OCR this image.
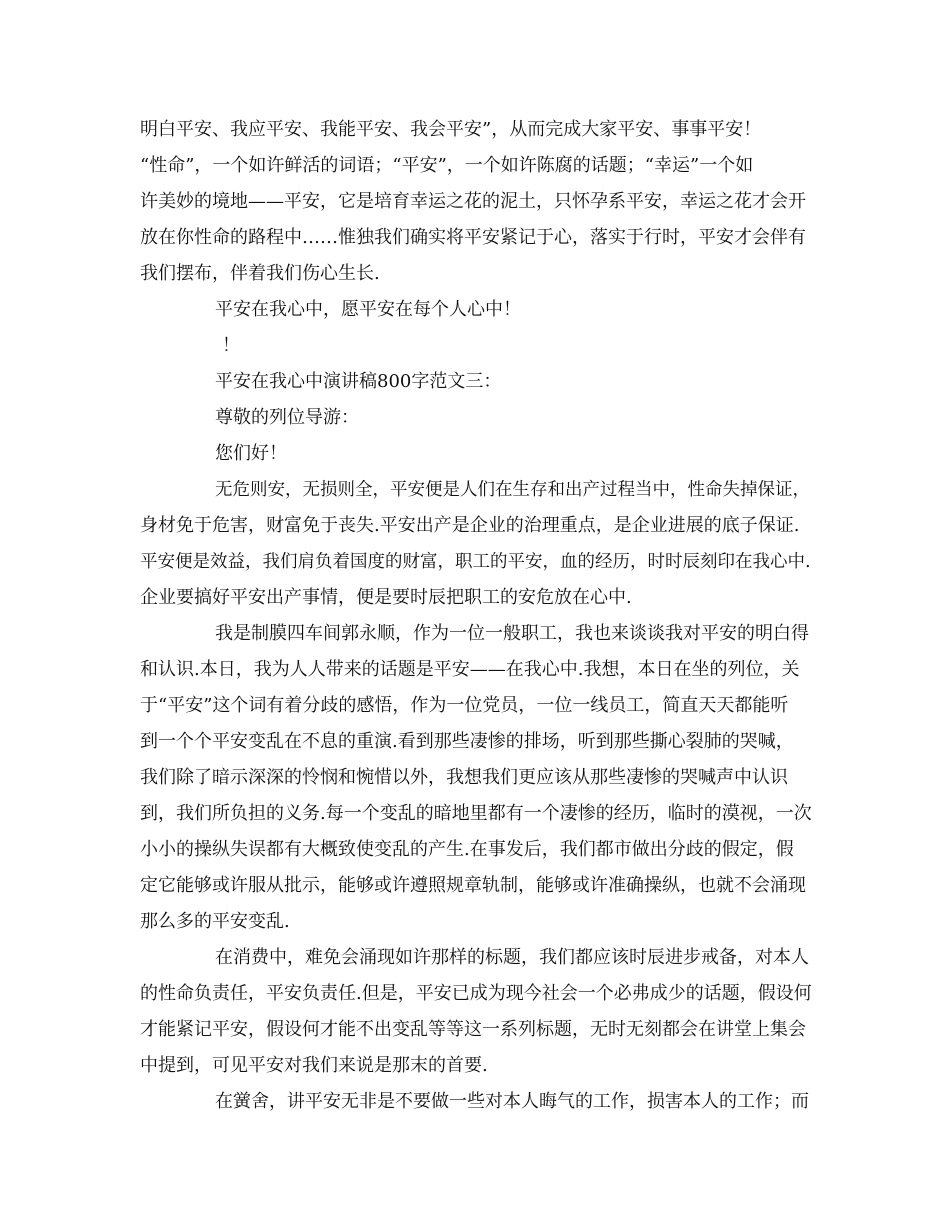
明白平安、我应平安、我能平安、我会平安”，从而完成大家平安、事事平安！
“性命”，一个如许鲜活的词语；“平安”，一个如许陈腐的话题；“幸运”一个如
许美妙的境地——平安，它是培育幸运之花的泥土，只怀孕系平安，幸运之花才会开
放在你性命的路程中……惟独我们确实将平安紧记于心，落实于行时，平安才会伴有
我们摆布，伴着我们伤心生长.
平安在我心中，愿平安在每个人心中！
！
平安在我心中演讲稿800字范文三：
尊敬的列位导游：
您们好！
无危则安，无损则全，平安便是人们在生存和出产过程当中，性命失掉保证，
身材免于危害，财富免于丧失.平安出产是企业的治理重点，是企业进展的底子保证.
平安便是效益，我们肩负着国度的财富，职工的平安，血的经历，时时辰刻印在我心中.
企业要搞好平安出产事情，便是要时辰把职工的安危放在心中.
我是制膜四车间郭永顺，作为一位一般职工，我也来谈谈我对平安的明白得
和认识.本日，我为人人带来的话题是平安——在我心中.我想，本日在坐的列位，关
于“平安”这个词有着分歧的感悟，作为一位党员，一位一线员工，简直天天都能听
到一个个平安变乱在不息的重演.看到那些凄惨的排场，听到那些撕心裂肺的哭喊，
我们除了暗示深深的怜悯和惋惜以外，我想我们更应该从那些凄惨的哭喊声中认识
到，我们所负担的义务.每一个变乱的暗地里都有一个凄惨的经历，临时的漠视，一次
小小的操纵失误都有大概致使变乱的产生.在事发后，我们都市做出分歧的假定，假
定它能够或许服从批示，能够或许遵照规章轨制，能够或许准确操纵，也就不会涌现
那么多的平安变乱.
在消费中，难免会涌现如许那样的标题，我们都应该时辰进步戒备，对本人
的性命负责任，平安负责任.但是，平安已成为现今社会一个必弗成少的话题，假设何
才能紧记平安，假设何才能不出变乱等等这一系列标题，无时无刻都会在讲堂上集会
中提到，可见平安对我们来说是那末的首要.
在黉舍，讲平安无非是不要做一些对本人晦气的工作，损害本人的工作；而
